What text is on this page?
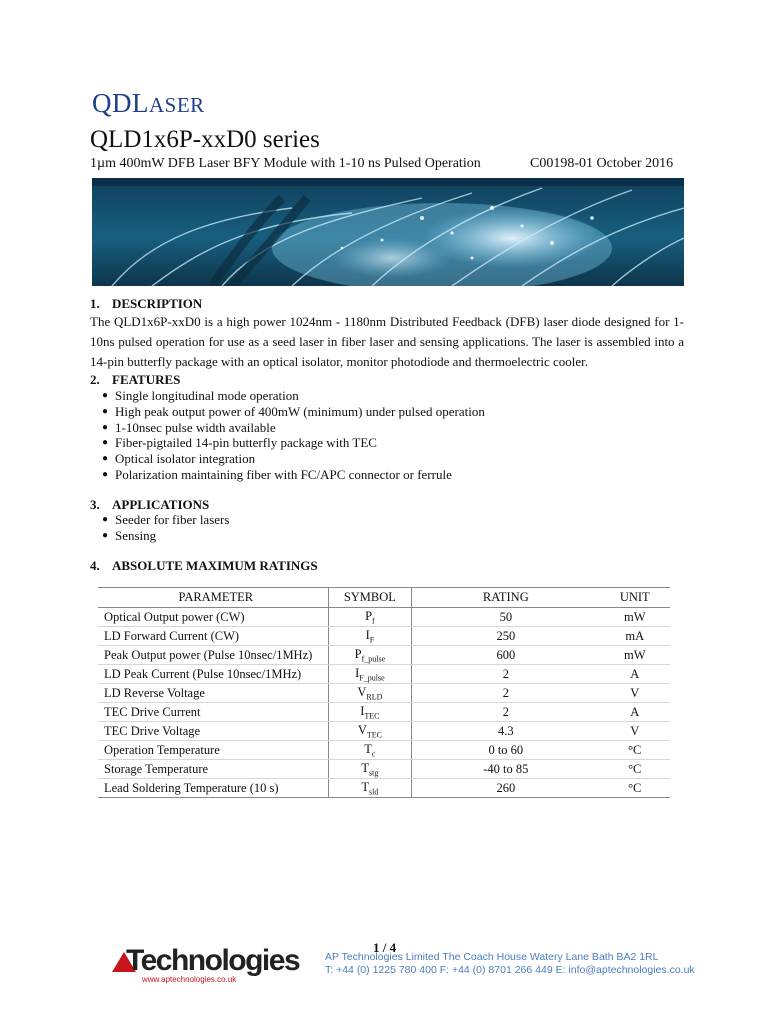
QDLASER
QLD1x6P-xxD0 series
1µm 400mW DFB Laser BFY Module with 1-10 ns Pulsed Operation	C00198-01 October 2016
1. DESCRIPTION
The QLD1x6P-xxD0 is a high power 1024nm - 1180nm Distributed Feedback (DFB) laser diode designed for 1-10ns pulsed operation for use as a seed laser in fiber laser and sensing applications. The laser is assembled into a 14-pin butterfly package with an optical isolator, monitor photodiode and thermoelectric cooler.
2. FEATURES
● Single longitudinal mode operation
● High peak output power of 400mW (minimum) under pulsed operation
● 1-10nsec pulse width available
● Fiber-pigtailed 14-pin butterfly package with TEC
● Optical isolator integration
● Polarization maintaining fiber with FC/APC connector or ferrule
3. APPLICATIONS
● Seeder for fiber lasers
● Sensing
4. ABSOLUTE MAXIMUM RATINGS
PARAMETER	SYMBOL	RATING	UNIT
Optical Output power (CW)	$P_f$	50	mW
LD Forward Current (CW)	$I_F$	250	mA
Peak Output power (Pulse 10nsec/1MHz)	$P_{f\_pulse}$	600	mW
LD Peak Current (Pulse 10nsec/1MHz)	$I_{F\_pulse}$	2	A
LD Reverse Voltage	$V_{RLD}$	2	V
TEC Drive Current	$I_{TEC}$	2	A
TEC Drive Voltage	$V_{TEC}$	4.3	V
Operation Temperature	$T_c$	0 to 60	°C
Storage Temperature	$T_{stg}$	-40 to 85	°C
Lead Soldering Temperature (10 s)	$T_{sld}$	260	°C
1 / 4
Technologies
www.aptechnologies.co.uk
AP Technologies Limited The Coach House Watery Lane Bath BA2 1RL
T: +44 (0) 1225 780 400 F: +44 (0) 8701 266 449 E: info@aptechnologies.co.uk
